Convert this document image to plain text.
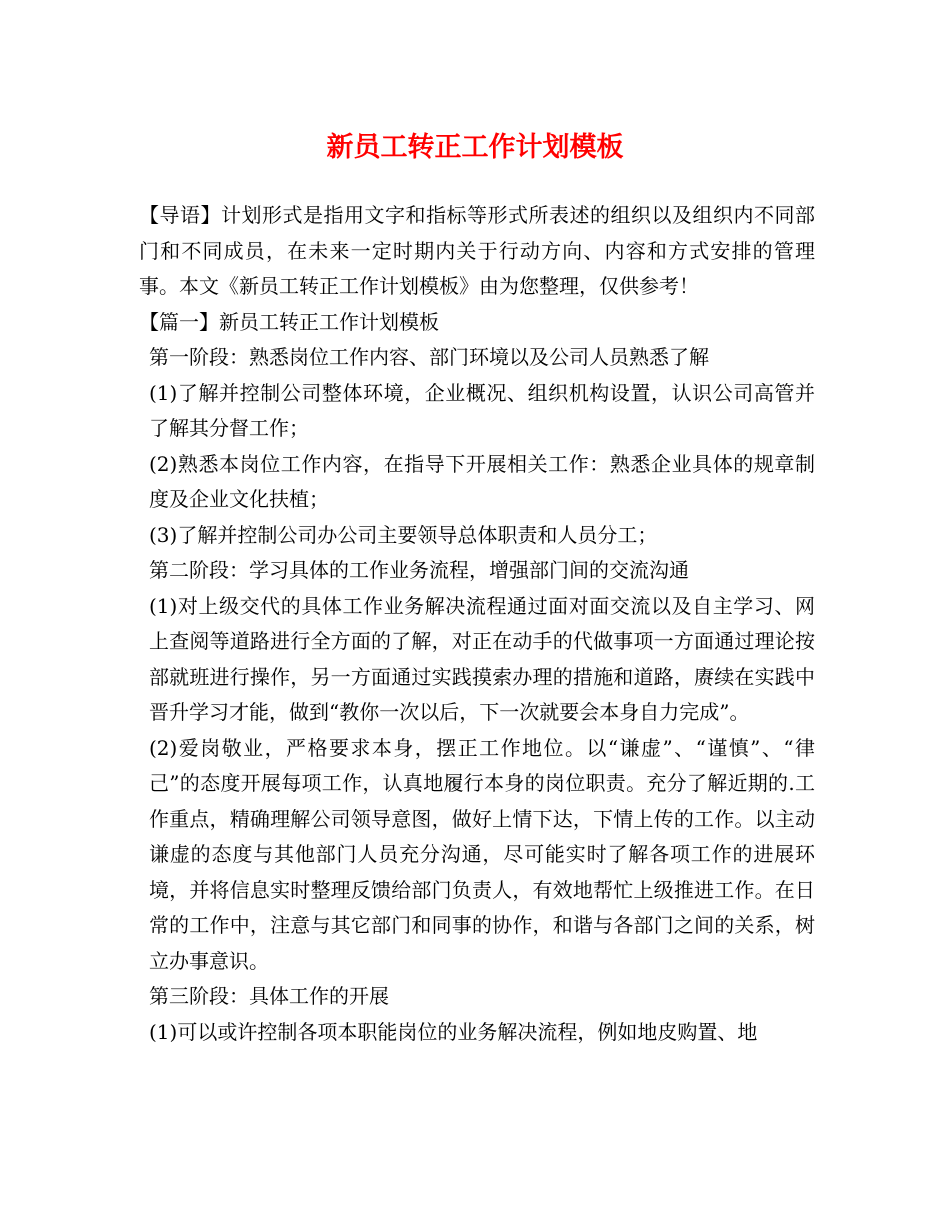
新员工转正工作计划模板

【导语】计划形式是指用文字和指标等形式所表述的组织以及组织内不同部门和不同成员，在未来一定时期内关于行动方向、内容和方式安排的管理事。本文《新员工转正工作计划模板》由为您整理，仅供参考！

【篇一】新员工转正工作计划模板

第一阶段：熟悉岗位工作内容、部门环境以及公司人员熟悉了解

(1)了解并控制公司整体环境，企业概况、组织机构设置，认识公司高管并了解其分督工作；

(2)熟悉本岗位工作内容，在指导下开展相关工作：熟悉企业具体的规章制度及企业文化扶植；

(3)了解并控制公司办公司主要领导总体职责和人员分工；

第二阶段：学习具体的工作业务流程，增强部门间的交流沟通

(1)对上级交代的具体工作业务解决流程通过面对面交流以及自主学习、网上查阅等道路进行全方面的了解，对正在动手的代做事项一方面通过理论按部就班进行操作，另一方面通过实践摸索办理的措施和道路，赓续在实践中晋升学习才能，做到“教你一次以后，下一次就要会本身自力完成”。

(2)爱岗敬业，严格要求本身，摆正工作地位。以“谦虚”、“谨慎”、“律己”的态度开展每项工作，认真地履行本身的岗位职责。充分了解近期的.工作重点，精确理解公司领导意图，做好上情下达，下情上传的工作。以主动谦虚的态度与其他部门人员充分沟通，尽可能实时了解各项工作的进展环境，并将信息实时整理反馈给部门负责人，有效地帮忙上级推进工作。在日常的工作中，注意与其它部门和同事的协作，和谐与各部门之间的关系，树立办事意识。

第三阶段：具体工作的开展

(1)可以或许控制各项本职能岗位的业务解决流程，例如地皮购置、地
